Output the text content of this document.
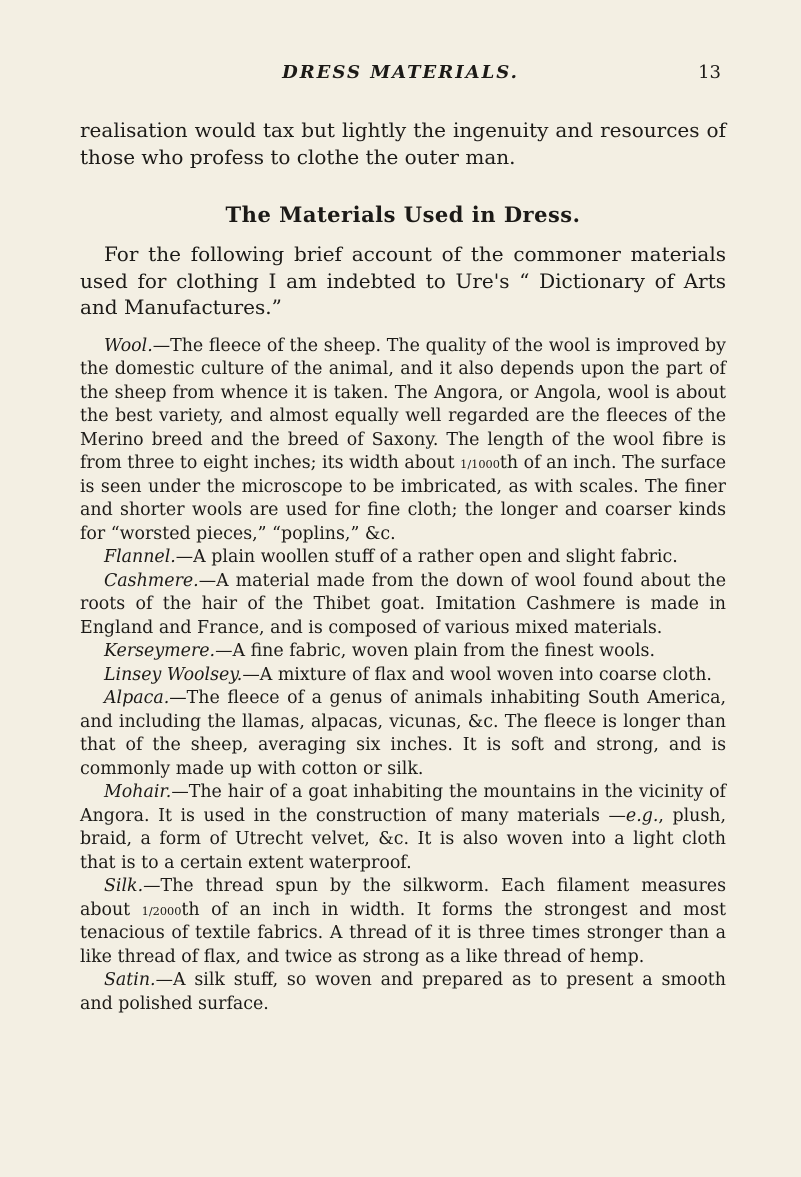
DRESS MATERIALS.	13

realisation would tax but lightly the ingenuity and resources of those who profess to clothe the outer man.

The Materials Used in Dress.

For the following brief account of the commoner materials used for clothing I am indebted to Ure's “ Dictionary of Arts and Manufactures.”

Wool.—The fleece of the sheep. The quality of the wool is improved by the domestic culture of the animal, and it also depends upon the part of the sheep from whence it is taken. The Angora, or Angola, wool is about the best variety, and almost equally well regarded are the fleeces of the Merino breed and the breed of Saxony. The length of the wool fibre is from three to eight inches; its width about 1/1000th of an inch. The surface is seen under the microscope to be imbricated, as with scales. The finer and shorter wools are used for fine cloth; the longer and coarser kinds for “worsted pieces,” “poplins,” &c.

Flannel.—A plain woollen stuff of a rather open and slight fabric.

Cashmere.—A material made from the down of wool found about the roots of the hair of the Thibet goat. Imitation Cashmere is made in England and France, and is composed of various mixed materials.

Kerseymere.—A fine fabric, woven plain from the finest wools.

Linsey Woolsey.—A mixture of flax and wool woven into coarse cloth.

Alpaca.—The fleece of a genus of animals inhabiting South America, and including the llamas, alpacas, vicunas, &c. The fleece is longer than that of the sheep, averaging six inches. It is soft and strong, and is commonly made up with cotton or silk.

Mohair.—The hair of a goat inhabiting the mountains in the vicinity of Angora. It is used in the construction of many materials —e.g., plush, braid, a form of Utrecht velvet, &c. It is also woven into a light cloth that is to a certain extent waterproof.

Silk.—The thread spun by the silkworm. Each filament measures about 1/2000th of an inch in width. It forms the strongest and most tenacious of textile fabrics. A thread of it is three times stronger than a like thread of flax, and twice as strong as a like thread of hemp.

Satin.—A silk stuff, so woven and prepared as to present a smooth and polished surface.
